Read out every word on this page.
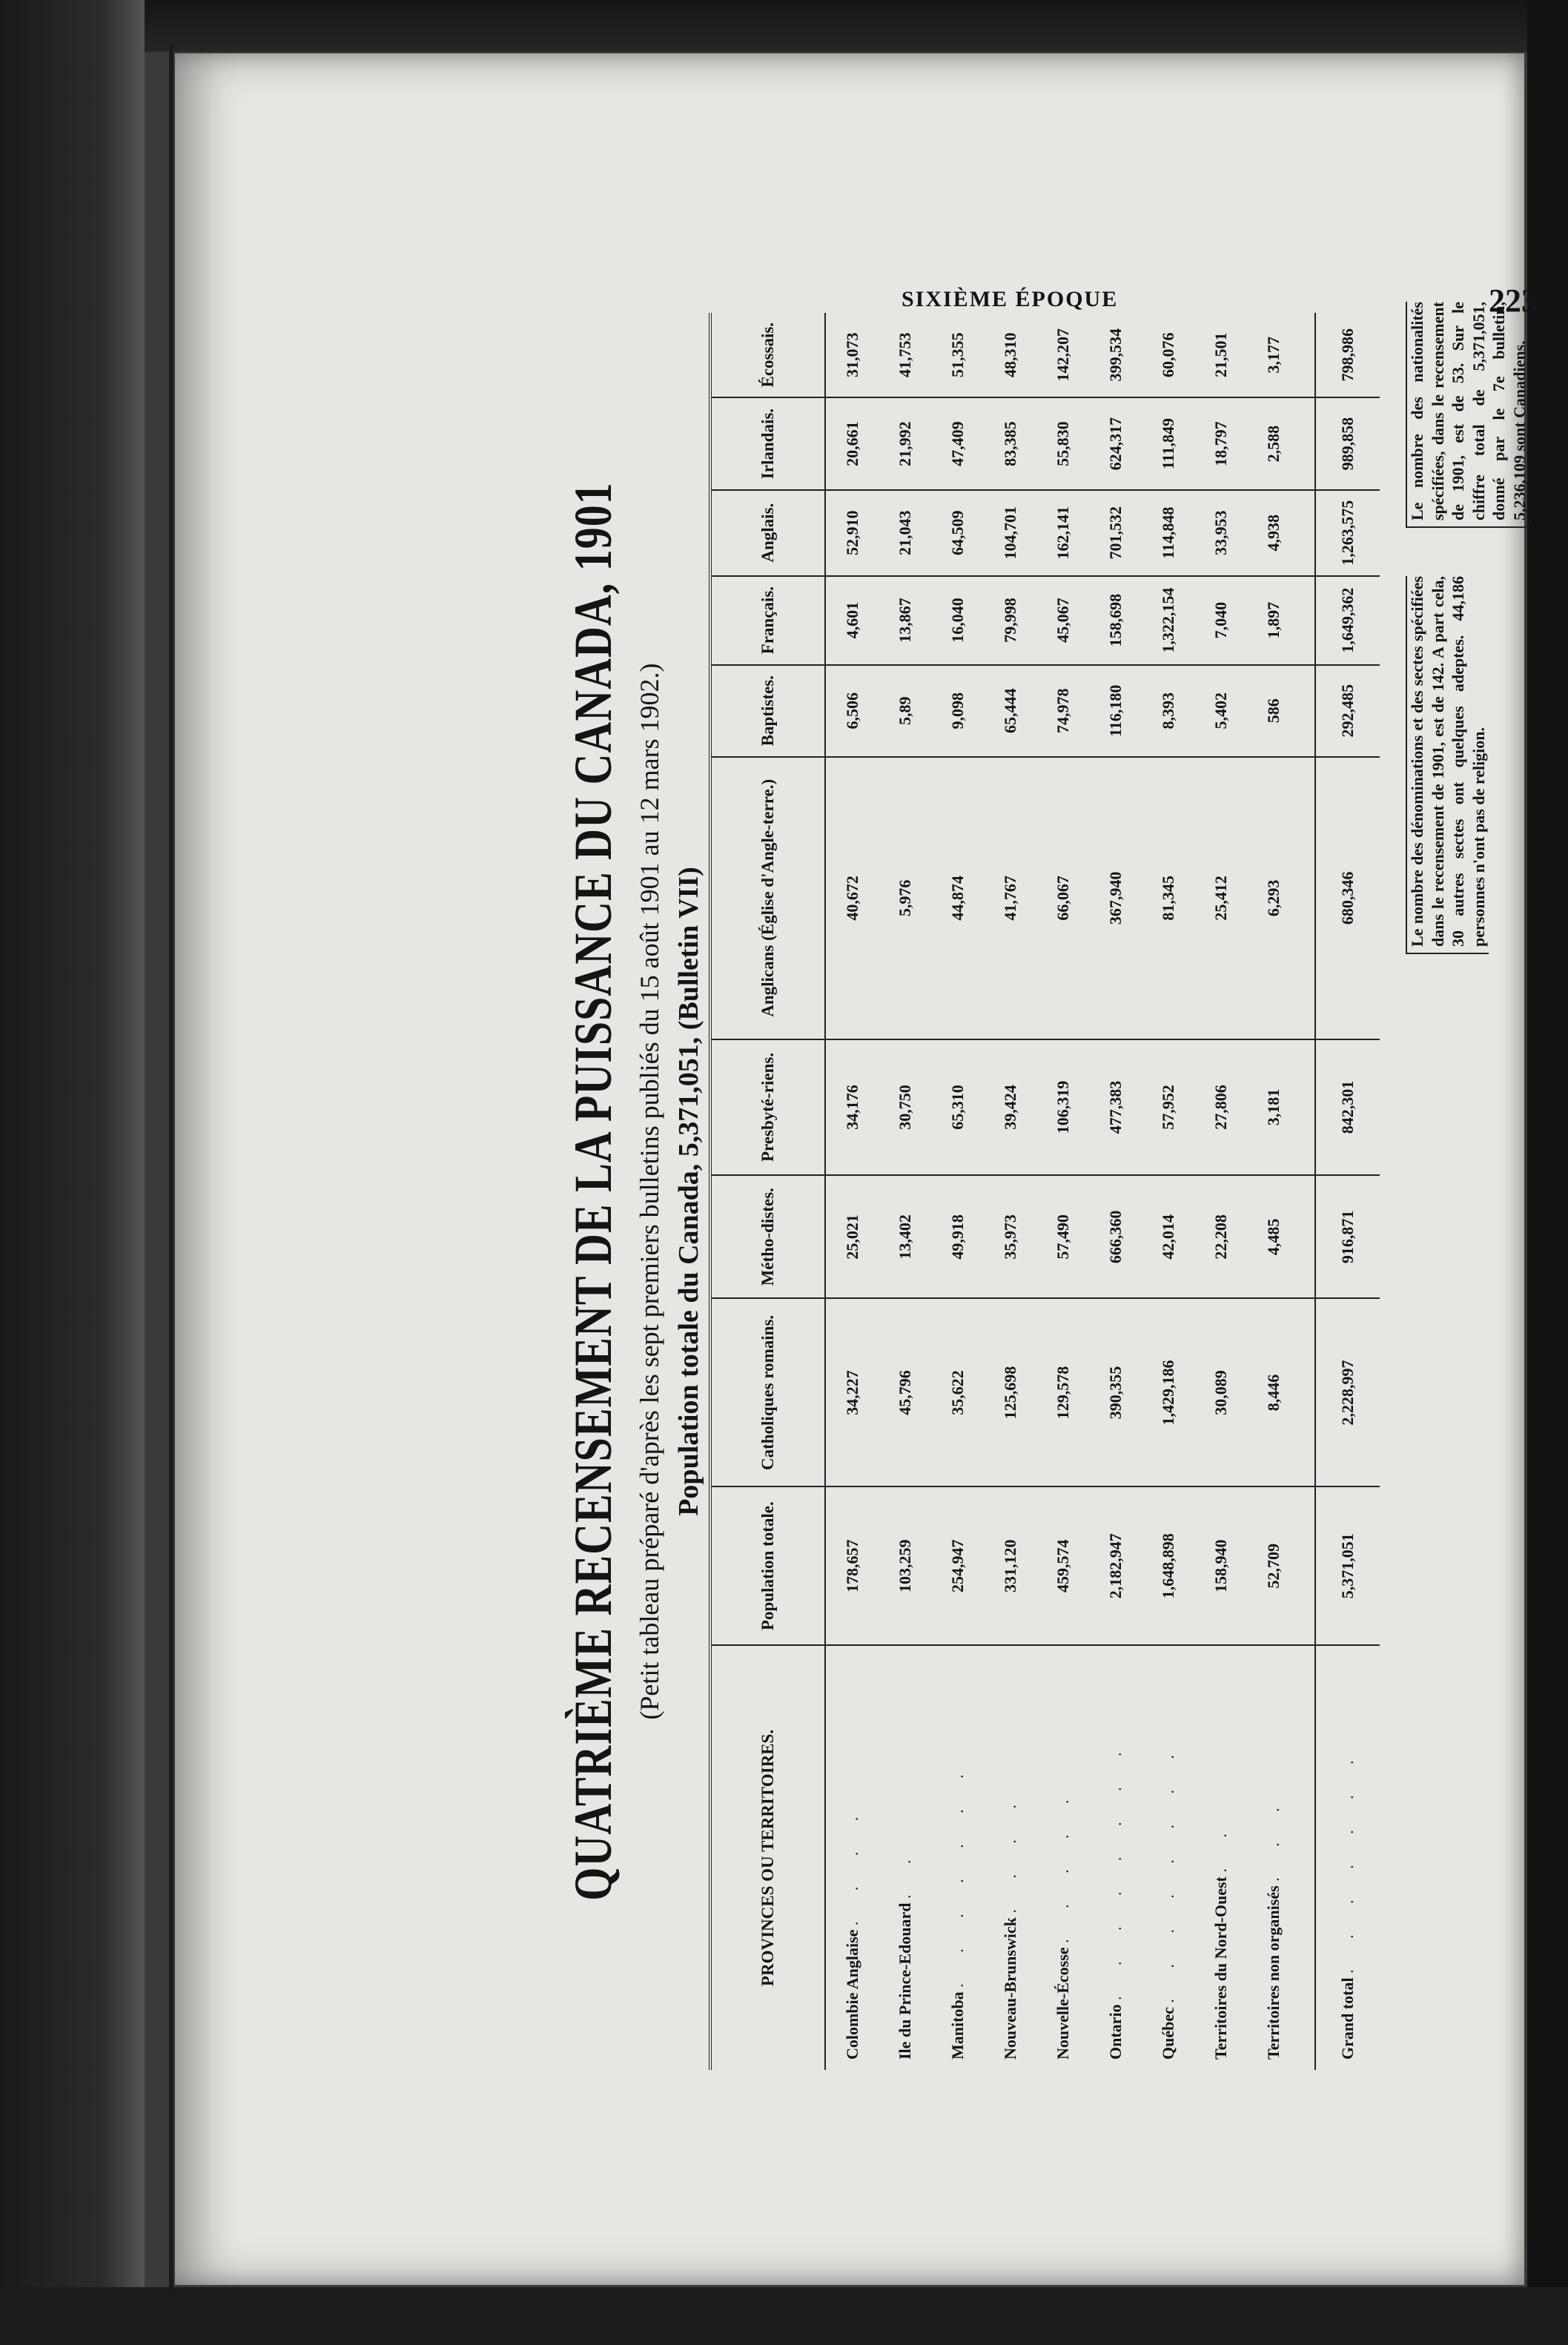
SIXIÈME ÉPOQUE	223
QUATRIÈME RECENSEMENT DE LA PUISSANCE DU CANADA, 1901 (Petit tableau préparé d'après les sept premiers bulletins publiés du 15 août 1901 au 12 mars 1902.) Population totale du Canada, 5,371,051, (Bulletin VII)
PROVINCES OU TERRITOIRES.	Population totale.	Catholiques romains.	Métho-distes.	Presbyté-riens.	Anglicans (Église d'Angle-terre.)	Baptistes.	Français.	Anglais.	Irlandais.	Écossais.
Colombie Anglaise . . . .	178,657	34,227	25,021	34,176	40,672	6,506	4,601	52,910	20,661	31,073
Ile du Prince-Edouard . .	103,259	45,796	13,402	30,750	5,976	5,89	13,867	21,043	21,992	41,753
Manitoba . . . . . . .	254,947	35,622	49,918	65,310	44,874	9,098	16,040	64,509	47,409	51,355
Nouveau-Brunswick . . . .	331,120	125,698	35,973	39,424	41,767	65,444	79,998	104,701	83,385	48,310
Nouvelle-Écosse . . . . .	459,574	129,578	57,490	106,319	66,067	74,978	45,067	162,141	55,830	142,207
Ontario . . . . . . . .	2,182,947	390,355	666,360	477,383	367,940	116,180	158,698	701,532	624,317	399,534
Québec . . . . . . . .	1,648,898	1,429,186	42,014	57,952	81,345	8,393	1,322,154	114,848	111,849	60,076
Territoires du Nord-Ouest . .	158,940	30,089	22,208	27,806	25,412	5,402	7,040	33,953	18,797	21,501
Territoires non organisés . . .	52,709	8,446	4,485	3,181	6,293	586	1,897	4,938	2,588	3,177
Grand total . . . . . . .	5,371,051	2,228,997	916,871	842,301	680,346	292,485	1,649,362	1,263,575	989,858	798,986
Le nombre des dénominations et des sectes spécifiées dans le recensement de 1901, est de 142. A part cela, 30 autres sectes ont quelques adeptes. 44,186 personnes n'ont pas de religion.
Le nombre des nationalités spécifiées, dans le recensement de 1901, est de 53. Sur le chiffre total de 5,371,051, donné par le 7e bulletin, 5,236,109 sont Canadiens.
